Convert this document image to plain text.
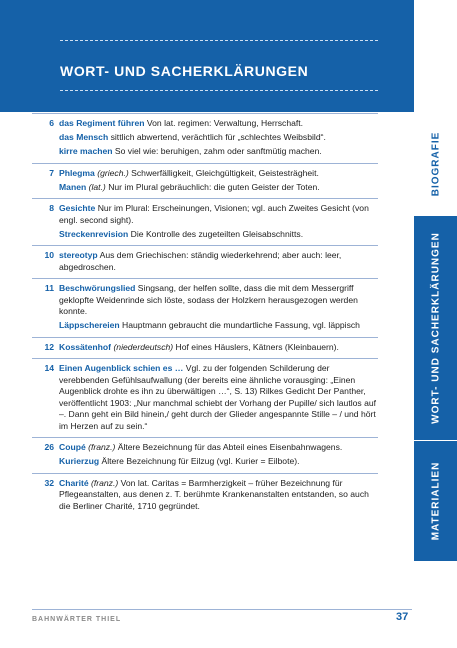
WORT- UND SACHERKLÄRUNGEN
BIOGRAFIE
WORT- UND SACHERKLÄRUNGEN
MATERIALIEN
6 das Regiment führen Von lat. regimen: Verwaltung, Herrschaft.
das Mensch sittlich abwertend, verächtlich für „schlechtes Weibsbild“.
kirre machen So viel wie: beruhigen, zahm oder sanftmütig machen.
7 Phlegma (griech.) Schwerfälligkeit, Gleichgültigkeit, Geistesträgheit.
Manen (lat.) Nur im Plural gebräuchlich: die guten Geister der Toten.
8 Gesichte Nur im Plural: Erscheinungen, Visionen; vgl. auch Zweites Gesicht (von engl. second sight).
Streckenrevision Die Kontrolle des zugeteilten Gleisabschnitts.
10 stereotyp Aus dem Griechischen: ständig wiederkehrend; aber auch: leer, abgedroschen.
11 Beschwörungslied Singsang, der helfen sollte, dass die mit dem Messergriff geklopfte Weidenrinde sich löste, sodass der Holzkern herausgezogen werden konnte.
Läppschereien Hauptmann gebraucht die mundartliche Fassung, vgl. läppisch
12 Kossätenhof (niederdeutsch) Hof eines Häuslers, Kätners (Kleinbauern).
14 Einen Augenblick schien es … Vgl. zu der folgenden Schilderung der verebbenden Gefühlsaufwallung (der bereits eine ähnliche vorausging: „Einen Augenblick drohte es ihn zu überwältigen …“, S. 13) Rilkes Gedicht Der Panther, veröffentlicht 1903: „Nur manchmal schiebt der Vorhang der Pupille/ sich lautlos auf –. Dann geht ein Bild hinein,/ geht durch der Glieder angespannte Stille – / und hört im Herzen auf zu sein.“
26 Coupé (franz.) Ältere Bezeichnung für das Abteil eines Eisenbahnwagens.
Kurierzug Ältere Bezeichnung für Eilzug (vgl. Kurier = Eilbote).
32 Charité (franz.) Von lat. Caritas = Barmherzigkeit – früher Bezeichnung für Pflegeanstalten, aus denen z. T. berühmte Krankenanstalten entstanden, so auch die Berliner Charité, 1710 gegründet.
BAHNWÄRTER THIEL	37
